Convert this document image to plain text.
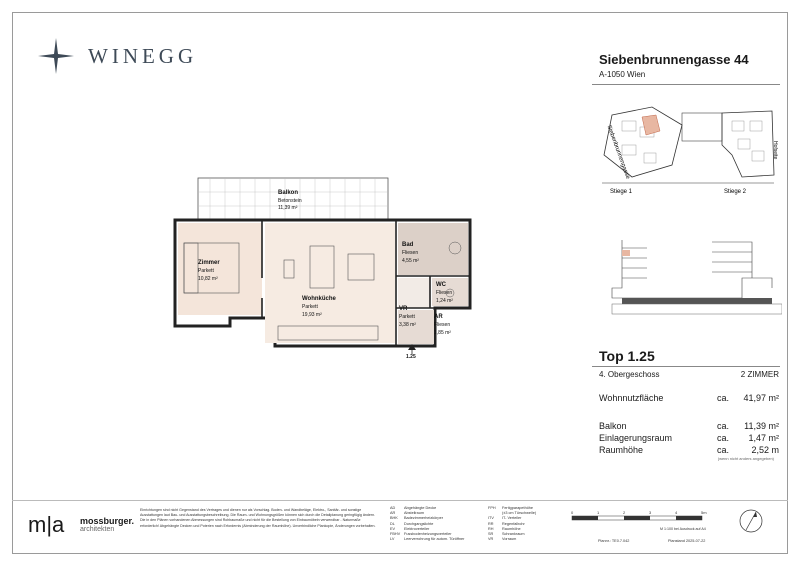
WINEGG	Siebenbrunnengasse 44
A-1050 Wien
Balkon
Betonstein
11,39 m²
Zimmer
Parkett
10,82 m²
Wohnküche
Parkett
19,93 m²
Bad
Fliesen
4,55 m²
WC
Fliesen
1,24 m²
VR
Parkett
3,38 m²
AR
Fliesen
1,85 m²
1.25
Siebenbrunnengasse	Hofseite
Stiege 1	Stiege 2
Top 1.25
4. Obergeschoss	2 ZIMMER
Wohnnutzfläche	ca. 41,97 m²
Balkon	ca. 11,39 m²
Einlagerungsraum	ca. 1,47 m²
Raumhöhe	ca. 2,52 m
(wenn nicht anders angegeben)
m|a mossburger.
architekten
Einrichtungen sind nicht Gegenstand des Vertrages und dienen nur als Vorschlag. Boden- und Wandbeläge, Elektro-, Sanitär- und sonstige Ausstattungen laut Bau- und Ausstattungsbeschreibung. Die Raum- und Wohnungsgrößen können sich durch die Detailplanung geringfügig ändern. Die in den Plänen vorhandenen Abmessungen sind Rohbaumaße und nicht für die Bestellung von Einbaumöbeln verwendbar - Naturmaße erforderlich! Abgehängte Decken und Poterien nach Erfordernis (Abminderung der Raumhöhe). Unverbindliche Plankopie, Änderungen vorbehalten.
AD	Abgehängte Decke
AR	Abstellraum
BHK	Badezimmerheizkörper
DL	Durchgangslichte
EV	Elektroverteiler
FBHV	Fussbodenheizungsverteiler
LV	Leerverrohrung für autom. Türöffner
FPH	Fertigparapethöhe
(±3 cm Türschwelle)
ITV	IT- Verteiler
RR	Regenfallrohr
RH	Raumhöhe
SR	Schrankraum
VR	Vorraum
0	1	2	3	4	5m
M 1:100 bei Ausdruck auf A4
Plannr.: TE0.7.042	Planstand 2025-07-22
